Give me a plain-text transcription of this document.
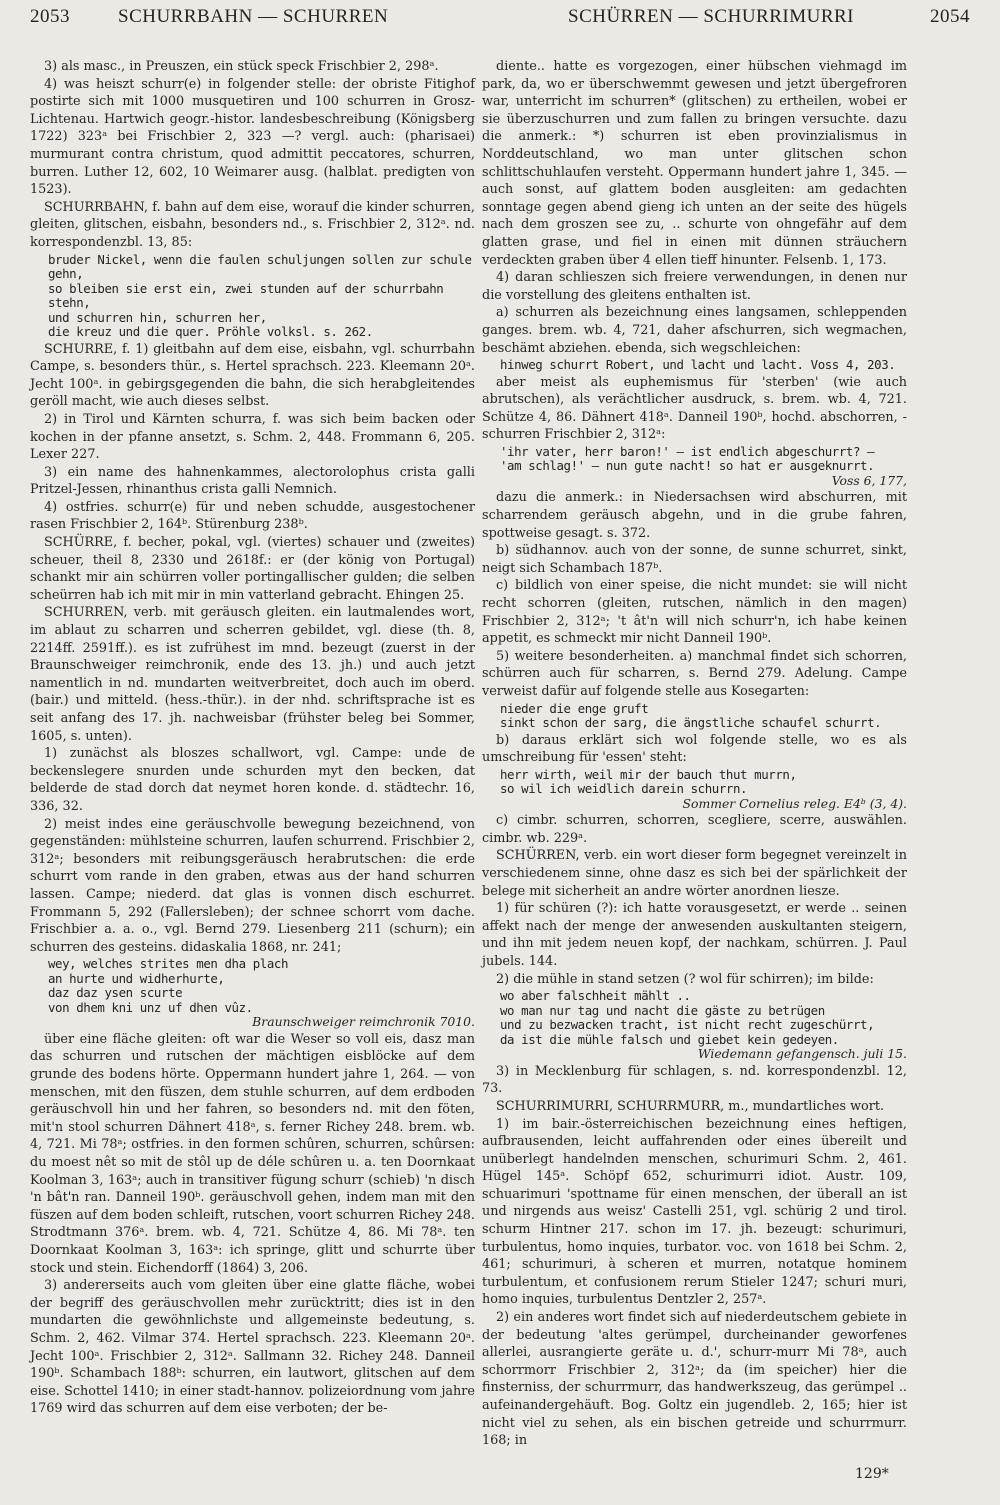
2053	SCHURRBAHN — SCHURREN	SCHÜRREN — SCHURRIMURRI	2054

3) als masc., in Preuszen, ein stück speck Frischbier 2, 298ᵃ.

4) was heiszt schurr(e) in folgender stelle: der obriste Fitighof postirte sich mit 1000 musquetiren und 100 schurren in Grosz-Lichtenau. Hartwich geogr.-histor. landesbeschreibung (Königsberg 1722) 323ᵃ bei Frischbier 2, 323 —? vergl. auch: (pharisaei) murmurant contra christum, quod admittit peccatores, schurren, burren. Luther 12, 602, 10 Weimarer ausg. (halblat. predigten von 1523).

SCHURRBAHN, f. bahn auf dem eise, worauf die kinder schurren, gleiten, glitschen, eisbahn, besonders nd., s. Frischbier 2, 312ᵃ. nd. korrespondenzbl. 13, 85:

bruder Nickel, wenn die faulen schuljungen sollen zur schule gehn,
so bleiben sie erst ein, zwei stunden auf der schurrbahn stehn,
und schurren hin, schurren her,
die kreuz und die quer. Pröhle volksl. s. 262.

SCHURRE, f. 1) gleitbahn auf dem eise, eisbahn, vgl. schurrbahn Campe, s. besonders thür., s. Hertel sprachsch. 223. Kleemann 20ᵃ. Jecht 100ᵃ. in gebirgsgegenden die bahn, die sich herabgleitendes geröll macht, wie auch dieses selbst.

2) in Tirol und Kärnten schurra, f. was sich beim backen oder kochen in der pfanne ansetzt, s. Schm. 2, 448. Frommann 6, 205. Lexer 227.

3) ein name des hahnenkammes, alectorolophus crista galli Pritzel-Jessen, rhinanthus crista galli Nemnich.

4) ostfries. schurr(e) für und neben schudde, ausgestochener rasen Frischbier 2, 164ᵇ. Stürenburg 238ᵇ.

SCHÜRRE, f. becher, pokal, vgl. (viertes) schauer und (zweites) scheuer, theil 8, 2330 und 2618f.: er (der könig von Portugal) schankt mir ain schürren voller portingallischer gulden; die selben scheürren hab ich mit mir in min vatterland gebracht. Ehingen 25.

SCHURREN, verb. mit geräusch gleiten. ein lautmalendes wort, im ablaut zu scharren und scherren gebildet, vgl. diese (th. 8, 2214ff. 2591ff.). es ist zufrühest im mnd. bezeugt (zuerst in der Braunschweiger reimchronik, ende des 13. jh.) und auch jetzt namentlich in nd. mundarten weitverbreitet, doch auch im oberd. (bair.) und mitteld. (hess.-thür.). in der nhd. schriftsprache ist es seit anfang des 17. jh. nachweisbar (frühster beleg bei Sommer, 1605, s. unten).

1) zunächst als bloszes schallwort, vgl. Campe: unde de beckenslegere snurden unde schurden myt den becken, dat belderde de stad dorch dat neymet horen konde. d. städtechr. 16, 336, 32.

2) meist indes eine geräuschvolle bewegung bezeichnend, von gegenständen: mühlsteine schurren, laufen schurrend. Frischbier 2, 312ᵃ; besonders mit reibungsgeräusch herabrutschen: die erde schurrt vom rande in den graben, etwas aus der hand schurren lassen. Campe; niederd. dat glas is vonnen disch eschurret. Frommann 5, 292 (Fallersleben); der schnee schorrt vom dache. Frischbier a. a. o., vgl. Bernd 279. Liesenberg 211 (schurn); ein schurren des gesteins. didaskalia 1868, nr. 241;

wey, welches strites men dha plach
an hurte und widherhurte,
daz daz ysen scurte
von dhem kni unz uf dhen vûz.
Braunschweiger reimchronik 7010.

über eine fläche gleiten: oft war die Weser so voll eis, dasz man das schurren und rutschen der mächtigen eisblöcke auf dem grunde des bodens hörte. Oppermann hundert jahre 1, 264. — von menschen, mit den füszen, dem stuhle schurren, auf dem erdboden geräuschvoll hin und her fahren, so besonders nd. mit den föten, mit'n stool schurren Dähnert 418ᵃ, s. ferner Richey 248. brem. wb. 4, 721. Mi 78ᵃ; ostfries. in den formen schûren, schurren, schûrsen: du moest nêt so mit de stôl up de déle schûren u. a. ten Doornkaat Koolman 3, 163ᵃ; auch in transitiver fügung schurr (schieb) 'n disch 'n bât'n ran. Danneil 190ᵇ. geräuschvoll gehen, indem man mit den füszen auf dem boden schleift, rutschen, voort schurren Richey 248. Strodtmann 376ᵃ. brem. wb. 4, 721. Schütze 4, 86. Mi 78ᵃ. ten Doornkaat Koolman 3, 163ᵃ: ich springe, glitt und schurrte über stock und stein. Eichendorff (1864) 3, 206.

3) andererseits auch vom gleiten über eine glatte fläche, wobei der begriff des geräuschvollen mehr zurücktritt; dies ist in den mundarten die gewöhnlichste und allgemeinste bedeutung, s. Schm. 2, 462. Vilmar 374. Hertel sprachsch. 223. Kleemann 20ᵃ. Jecht 100ᵃ. Frischbier 2, 312ᵃ. Sallmann 32. Richey 248. Danneil 190ᵇ. Schambach 188ᵇ: schurren, ein lautwort, glitschen auf dem eise. Schottel 1410; in einer stadt-hannov. polizeiordnung vom jahre 1769 wird das schurren auf dem eise verboten; der be-

diente.. hatte es vorgezogen, einer hübschen viehmagd im park, da, wo er überschwemmt gewesen und jetzt übergefroren war, unterricht im schurren* (glitschen) zu ertheilen, wobei er sie überzuschurren und zum fallen zu bringen versuchte. dazu die anmerk.: *) schurren ist eben provinzialismus in Norddeutschland, wo man unter glitschen schon schlittschuhlaufen versteht. Oppermann hundert jahre 1, 345. — auch sonst, auf glattem boden ausgleiten: am gedachten sonntage gegen abend gieng ich unten an der seite des hügels nach dem groszen see zu, .. schurte von ohngefähr auf dem glatten grase, und fiel in einen mit dünnen sträuchern verdeckten graben über 4 ellen tieff hinunter. Felsenb. 1, 173.

4) daran schlieszen sich freiere verwendungen, in denen nur die vorstellung des gleitens enthalten ist.

a) schurren als bezeichnung eines langsamen, schleppenden ganges. brem. wb. 4, 721, daher afschurren, sich wegmachen, beschämt abziehen. ebenda, sich wegschleichen:

hinweg schurrt Robert, und lacht und lacht. Voss 4, 203.

aber meist als euphemismus für 'sterben' (wie auch abrutschen), als verächtlicher ausdruck, s. brem. wb. 4, 721. Schütze 4, 86. Dähnert 418ᵃ. Danneil 190ᵇ, hochd. abschorren, -schurren Frischbier 2, 312ᵃ:

'ihr vater, herr baron!' — ist endlich abgeschurrt? —
'am schlag!' — nun gute nacht! so hat er ausgeknurrt.
Voss 6, 177,

dazu die anmerk.: in Niedersachsen wird abschurren, mit scharrendem geräusch abgehn, und in die grube fahren, spottweise gesagt. s. 372.

b) südhannov. auch von der sonne, de sunne schurret, sinkt, neigt sich Schambach 187ᵇ.

c) bildlich von einer speise, die nicht mundet: sie will nicht recht schorren (gleiten, rutschen, nämlich in den magen) Frischbier 2, 312ᵃ; 't ât'n will nich schurr'n, ich habe keinen appetit, es schmeckt mir nicht Danneil 190ᵇ.

5) weitere besonderheiten. a) manchmal findet sich schorren, schürren auch für scharren, s. Bernd 279. Adelung. Campe verweist dafür auf folgende stelle aus Kosegarten:

nieder die enge gruft
sinkt schon der sarg, die ängstliche schaufel schurrt.

b) daraus erklärt sich wol folgende stelle, wo es als umschreibung für 'essen' steht:

herr wirth, weil mir der bauch thut murrn,
so wil ich weidlich darein schurrn.
Sommer Cornelius releg. E4ᵇ (3, 4).

c) cimbr. schurren, schorren, scegliere, scerre, auswählen. cimbr. wb. 229ᵃ.

SCHÜRREN, verb. ein wort dieser form begegnet vereinzelt in verschiedenem sinne, ohne dasz es sich bei der spärlichkeit der belege mit sicherheit an andre wörter anordnen liesze.

1) für schüren (?): ich hatte vorausgesetzt, er werde .. seinen affekt nach der menge der anwesenden auskultanten steigern, und ihn mit jedem neuen kopf, der nachkam, schürren. J. Paul jubels. 144.

2) die mühle in stand setzen (? wol für schirren); im bilde:

wo aber falschheit mählt ..
wo man nur tag und nacht die gäste zu betrügen
und zu bezwacken tracht, ist nicht recht zugeschürrt,
da ist die mühle falsch und giebet kein gedeyen.
Wiedemann gefangensch. juli 15.

3) in Mecklenburg für schlagen, s. nd. korrespondenzbl. 12, 73.

SCHURRIMURRI, SCHURRMURR, m., mundartliches wort.

1) im bair.-österreichischen bezeichnung eines heftigen, aufbrausenden, leicht auffahrenden oder eines übereilt und unüberlegt handelnden menschen, schurimuri Schm. 2, 461. Hügel 145ᵃ. Schöpf 652, schurimurri idiot. Austr. 109, schuarimuri 'spottname für einen menschen, der überall an ist und nirgends aus weisz' Castelli 251, vgl. schürig 2 und tirol. schurm Hintner 217. schon im 17. jh. bezeugt: schurimuri, turbulentus, homo inquies, turbator. voc. von 1618 bei Schm. 2, 461; schurimuri, à scheren et murren, notatque hominem turbulentum, et confusionem rerum Stieler 1247; schuri muri, homo inquies, turbulentus Dentzler 2, 257ᵃ.

2) ein anderes wort findet sich auf niederdeutschem gebiete in der bedeutung 'altes gerümpel, durcheinander geworfenes allerlei, ausrangierte geräte u. d.', schurr-murr Mi 78ᵃ, auch schorrmorr Frischbier 2, 312ᵃ; da (im speicher) hier die finsterniss, der schurrmurr, das handwerkszeug, das gerümpel .. aufeinandergehäuft. Bog. Goltz ein jugendleb. 2, 165; hier ist nicht viel zu sehen, als ein bischen getreide und schurrmurr. 168; in

129*
